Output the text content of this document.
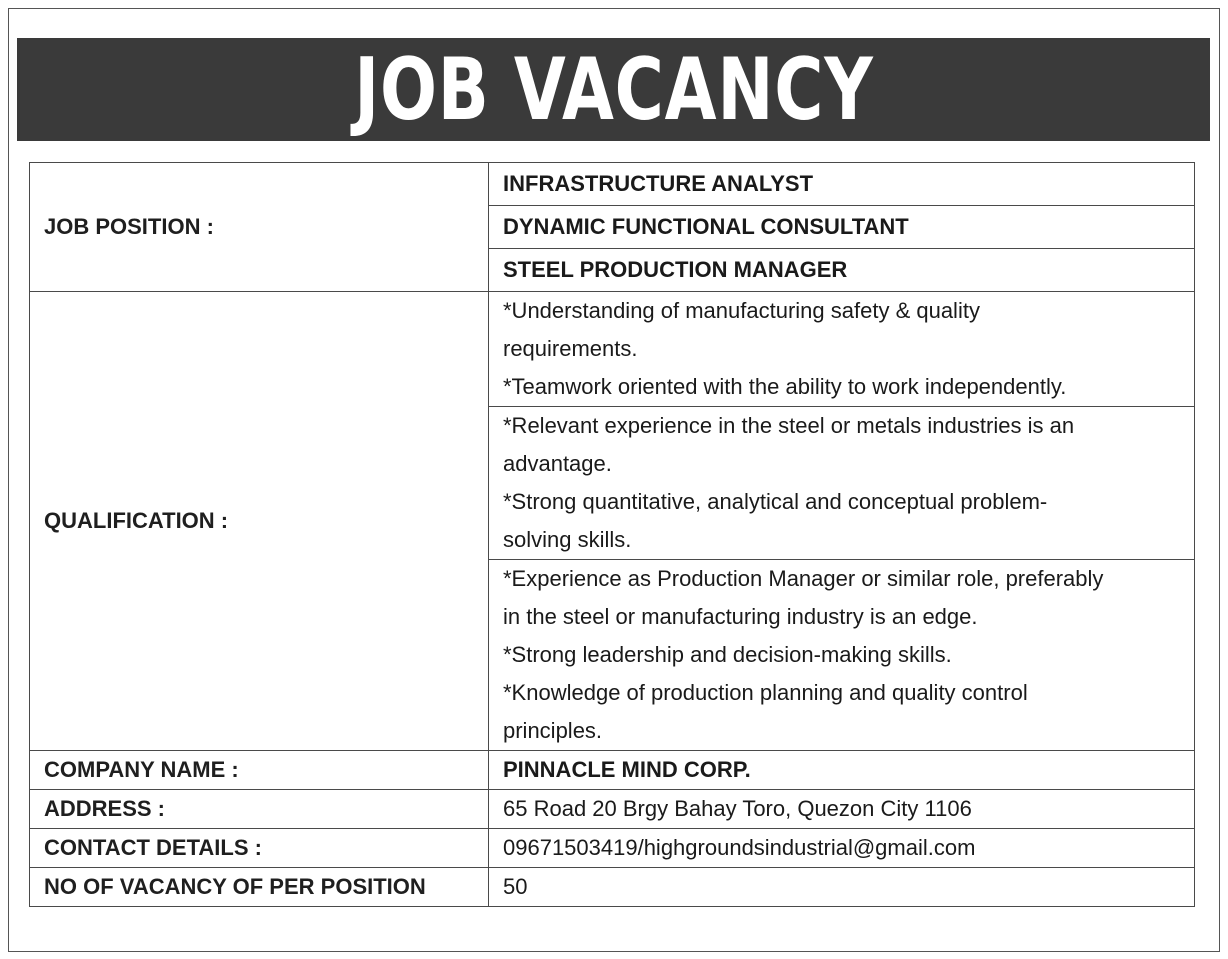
JOB VACANCY
JOB POSITION :	INFRASTRUCTURE ANALYST
	DYNAMIC FUNCTIONAL CONSULTANT
	STEEL PRODUCTION MANAGER
QUALIFICATION :	*Understanding of manufacturing safety & quality
requirements.
*Teamwork oriented with the ability to work independently.

	*Relevant experience in the steel or metals industries is an
advantage.
*Strong quantitative, analytical and conceptual problem-
solving skills.

	*Experience as Production Manager or similar role, preferably
in the steel or manufacturing industry is an edge.
*Strong leadership and decision-making skills.
*Knowledge of production planning and quality control
principles.

COMPANY NAME :	PINNACLE MIND CORP.
ADDRESS :	65 Road 20 Brgy Bahay Toro, Quezon City 1106
CONTACT DETAILS :	09671503419/highgroundsindustrial@gmail.com
NO OF VACANCY OF PER POSITION	50
